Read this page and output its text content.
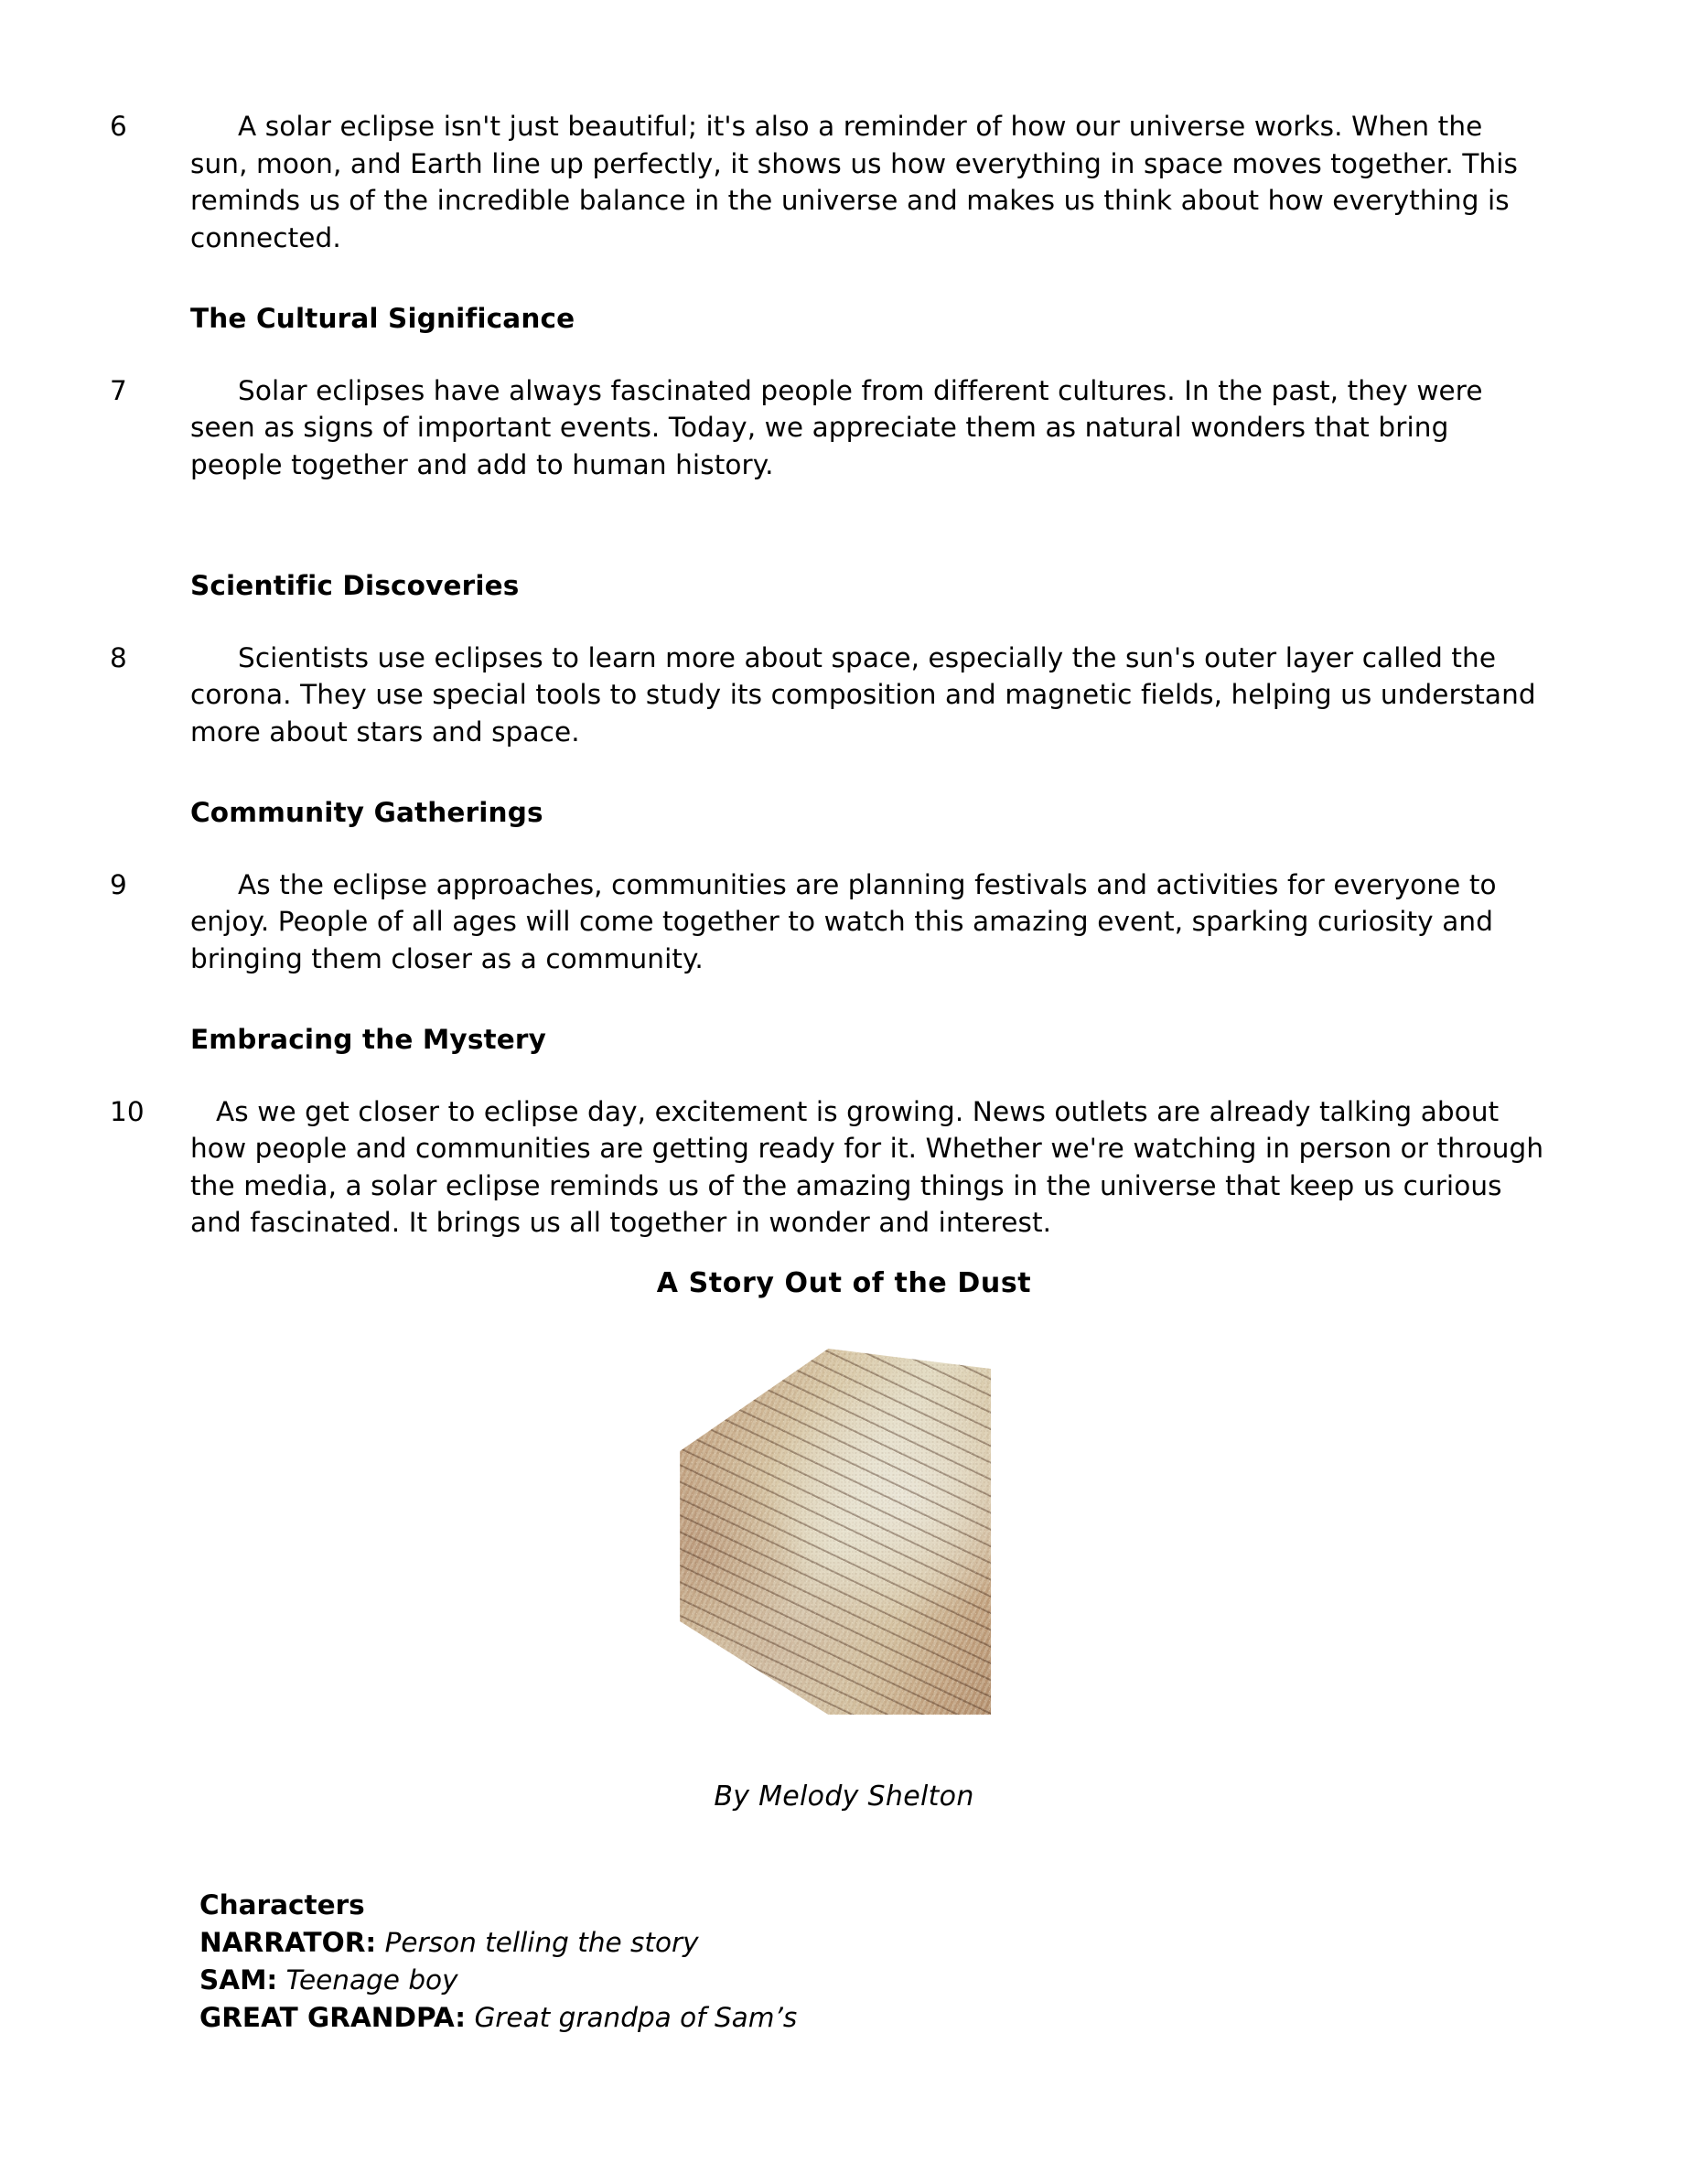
6	A solar eclipse isn't just beautiful; it's also a reminder of how our universe works. When the sun, moon, and Earth line up perfectly, it shows us how everything in space moves together. This reminds us of the incredible balance in the universe and makes us think about how everything is connected.
The Cultural Significance
7	Solar eclipses have always fascinated people from different cultures. In the past, they were seen as signs of important events. Today, we appreciate them as natural wonders that bring people together and add to human history.
Scientific Discoveries
8	Scientists use eclipses to learn more about space, especially the sun's outer layer called the corona. They use special tools to study its composition and magnetic fields, helping us understand more about stars and space.
Community Gatherings
9	As the eclipse approaches, communities are planning festivals and activities for everyone to enjoy. People of all ages will come together to watch this amazing event, sparking curiosity and bringing them closer as a community.
Embracing the Mystery
10	As we get closer to eclipse day, excitement is growing. News outlets are already talking about how people and communities are getting ready for it. Whether we're watching in person or through the media, a solar eclipse reminds us of the amazing things in the universe that keep us curious and fascinated. It brings us all together in wonder and interest.
A Story Out of the Dust
By Melody Shelton
Characters
NARRATOR: Person telling the story
SAM: Teenage boy
GREAT GRANDPA: Great grandpa of Sam’s
